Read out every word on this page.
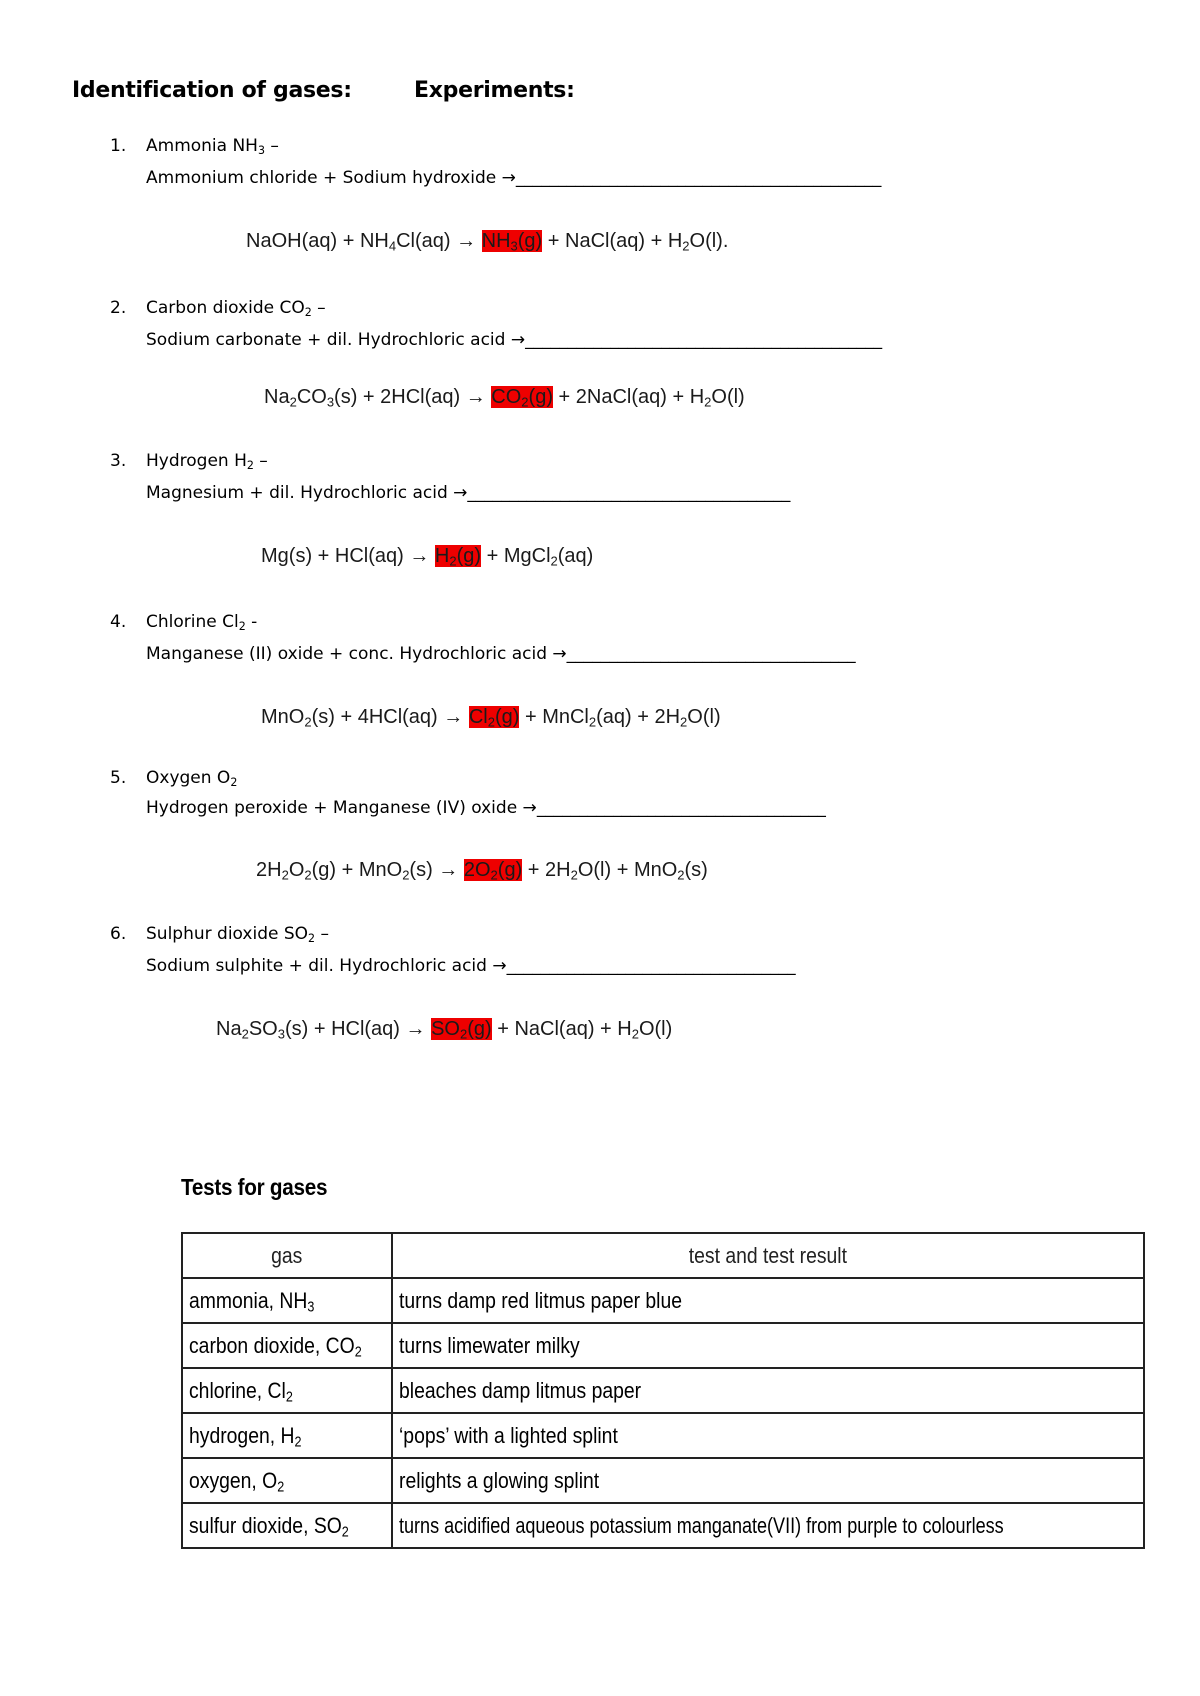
Identification of gases:	Experiments:
1.	Ammonia $NH_3$ –
Ammonium chloride + Sodium hydroxide →___________________________________________
NaOH(aq) + $NH_4Cl(aq) \to NH_3(g)$ + NaCl(aq) + $H_2O(l)$.
2.	Carbon dioxide $CO_2$ –
Sodium carbonate + dil. Hydrochloric acid →__________________________________________
$Na_2CO_3(s) + 2HCl(aq) \to CO_2(g)$ + 2NaCl(aq) + $H_2O(l)$
3.	Hydrogen $H_2$ –
Magnesium + dil. Hydrochloric acid →______________________________________
$Mg(s) + HCl(aq) \to H_2(g)$ + MgCl$_2$(aq)
4.	Chlorine $Cl_2$ -
Manganese (II) oxide + conc. Hydrochloric acid →__________________________________
$MnO_2(s) + 4HCl(aq) \to Cl_2(g)$ + MnCl$_2$(aq) + $2H_2O(l)$
5.	Oxygen $O_2$
Hydrogen peroxide + Manganese (IV) oxide →__________________________________
$2H_2O_2(g) + MnO_2(s) \to 2O_2(g) + 2H_2O(l) + MnO_2(s)$
6.	Sulphur dioxide $SO_2$ –
Sodium sulphite + dil. Hydrochloric acid →__________________________________
$Na_2SO_3(s) + HCl(aq) \to SO_2(g)$ + NaCl(aq) + $H_2O(l)$
Tests for gases
gas	test and test result
ammonia, $NH_3$	turns damp red litmus paper blue
carbon dioxide, $CO_2$	turns limewater milky
chlorine, $Cl_2$	bleaches damp litmus paper
hydrogen, $H_2$	‘pops’ with a lighted splint
oxygen, $O_2$	relights a glowing splint
sulfur dioxide, $SO_2$	turns acidified aqueous potassium manganate(VII) from purple to colourless
